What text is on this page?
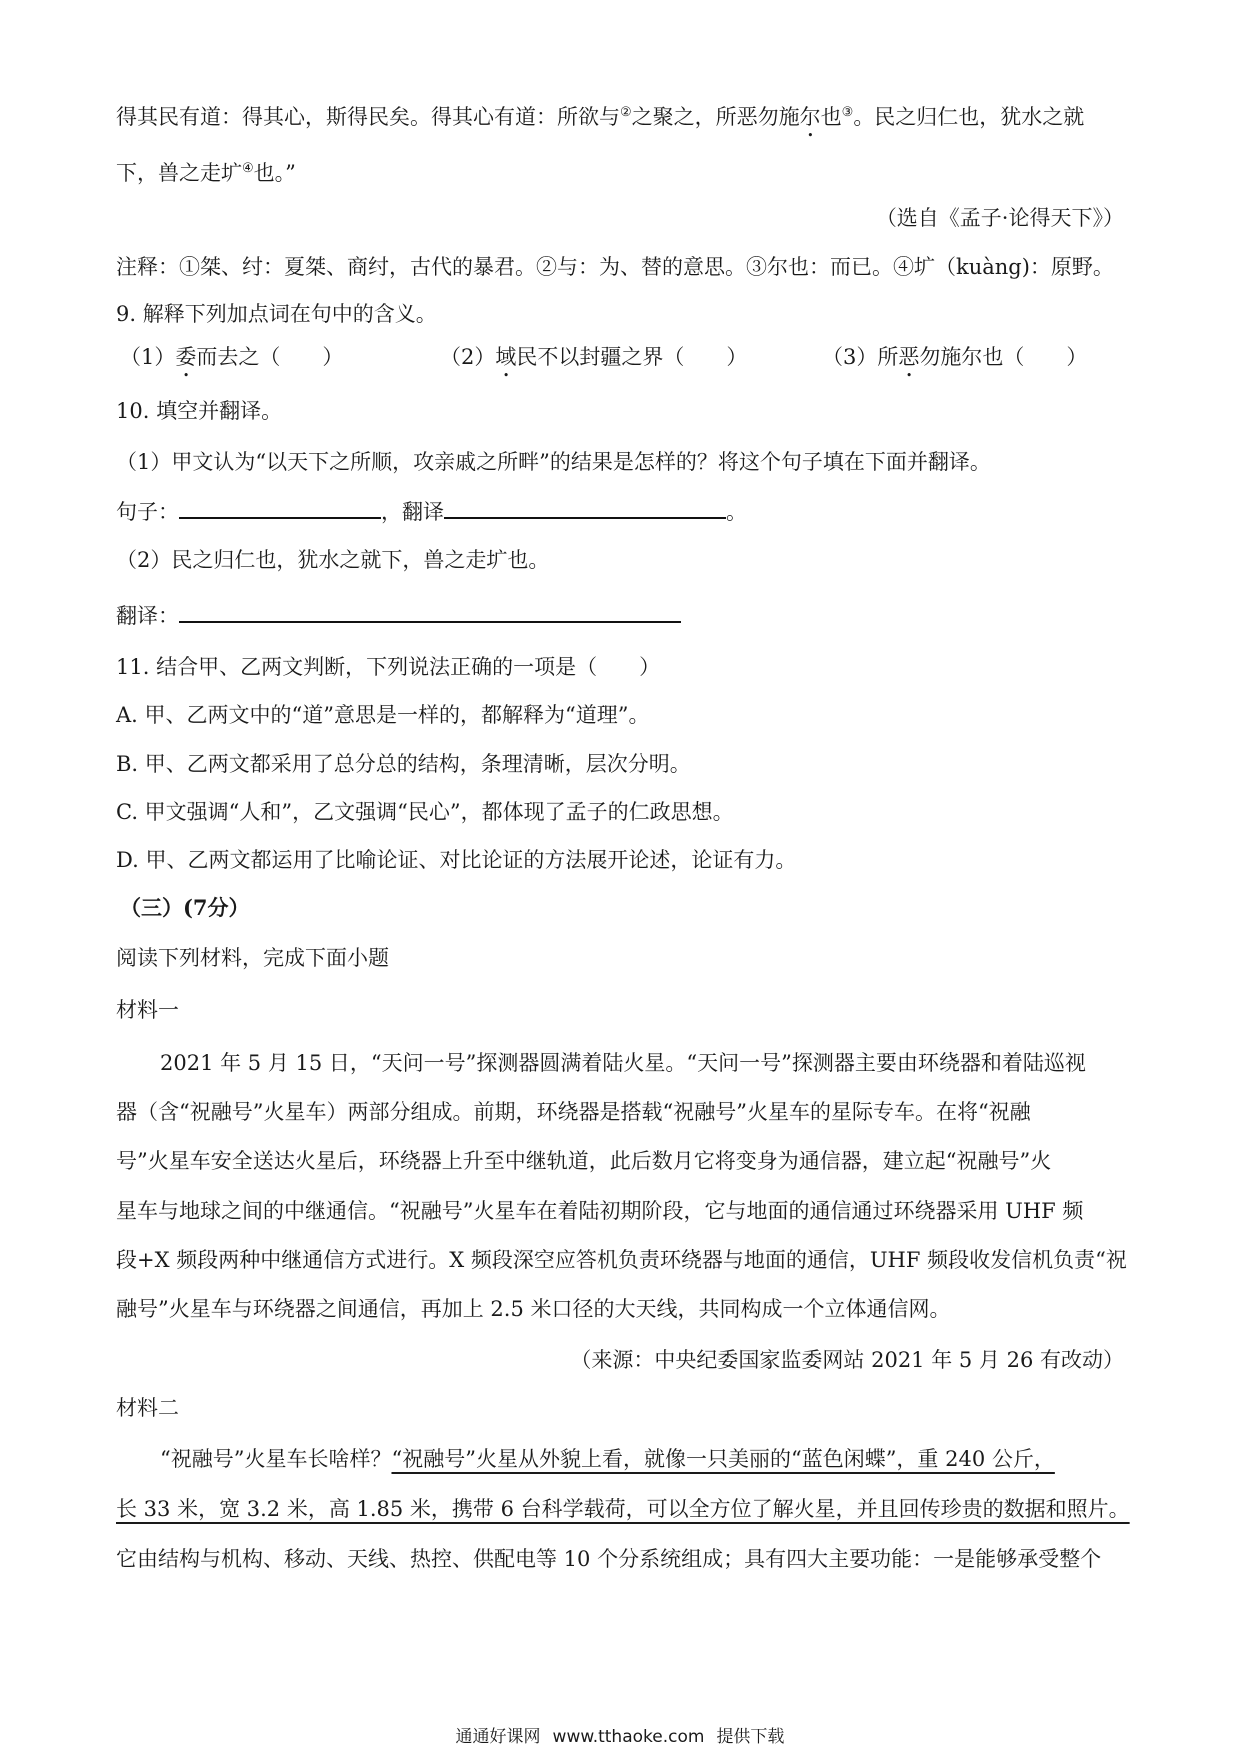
得其民有道：得其心，斯得民矣。得其心有道：所欲与②之聚之，所恶勿施尔也③。民之归仁也，犹水之就
下，兽之走圹④也。”
（选自《孟子·论得天下》）
注释：①桀、纣：夏桀、商纣，古代的暴君。②与：为、替的意思。③尔也：而已。④圹（kuàng)：原野。
9. 解释下列加点词在句中的含义。
（1）委而去之（　　）	（2）域民不以封疆之界（　　）	（3）所恶勿施尔也（　　）
10. 填空并翻译。
（1）甲文认为“以天下之所顺，攻亲戚之所畔”的结果是怎样的？将这个句子填在下面并翻译。
句子：	，翻译	。
（2）民之归仁也，犹水之就下，兽之走圹也。
翻译：
11. 结合甲、乙两文判断，下列说法正确的一项是（　　）
A. 甲、乙两文中的“道”意思是一样的，都解释为“道理”。
B. 甲、乙两文都采用了总分总的结构，条理清晰，层次分明。
C. 甲文强调“人和”，乙文强调“民心”，都体现了孟子的仁政思想。
D. 甲、乙两文都运用了比喻论证、对比论证的方法展开论述，论证有力。
（三）(7分）
阅读下列材料，完成下面小题
材料一
2021 年 5 月 15 日，“天问一号”探测器圆满着陆火星。“天问一号”探测器主要由环绕器和着陆巡视
器（含“祝融号”火星车）两部分组成。前期，环绕器是搭载“祝融号”火星车的星际专车。在将“祝融
号”火星车安全送达火星后，环绕器上升至中继轨道，此后数月它将变身为通信器，建立起“祝融号”火
星车与地球之间的中继通信。“祝融号”火星车在着陆初期阶段，它与地面的通信通过环绕器采用 UHF 频
段+X 频段两种中继通信方式进行。X 频段深空应答机负责环绕器与地面的通信，UHF 频段收发信机负责“祝
融号”火星车与环绕器之间通信，再加上 2.5 米口径的大天线，共同构成一个立体通信网。
（来源：中央纪委国家监委网站 2021 年 5 月 26 有改动）
材料二
“祝融号”火星车长啥样？“祝融号”火星从外貌上看，就像一只美丽的“蓝色闲蝶”，重 240 公斤，
长 33 米，宽 3.2 米，高 1.85 米，携带 6 台科学载荷，可以全方位了解火星，并且回传珍贵的数据和照片。
它由结构与机构、移动、天线、热控、供配电等 10 个分系统组成；具有四大主要功能：一是能够承受整个
通通好课网 www.tthaoke.com 提供下载
